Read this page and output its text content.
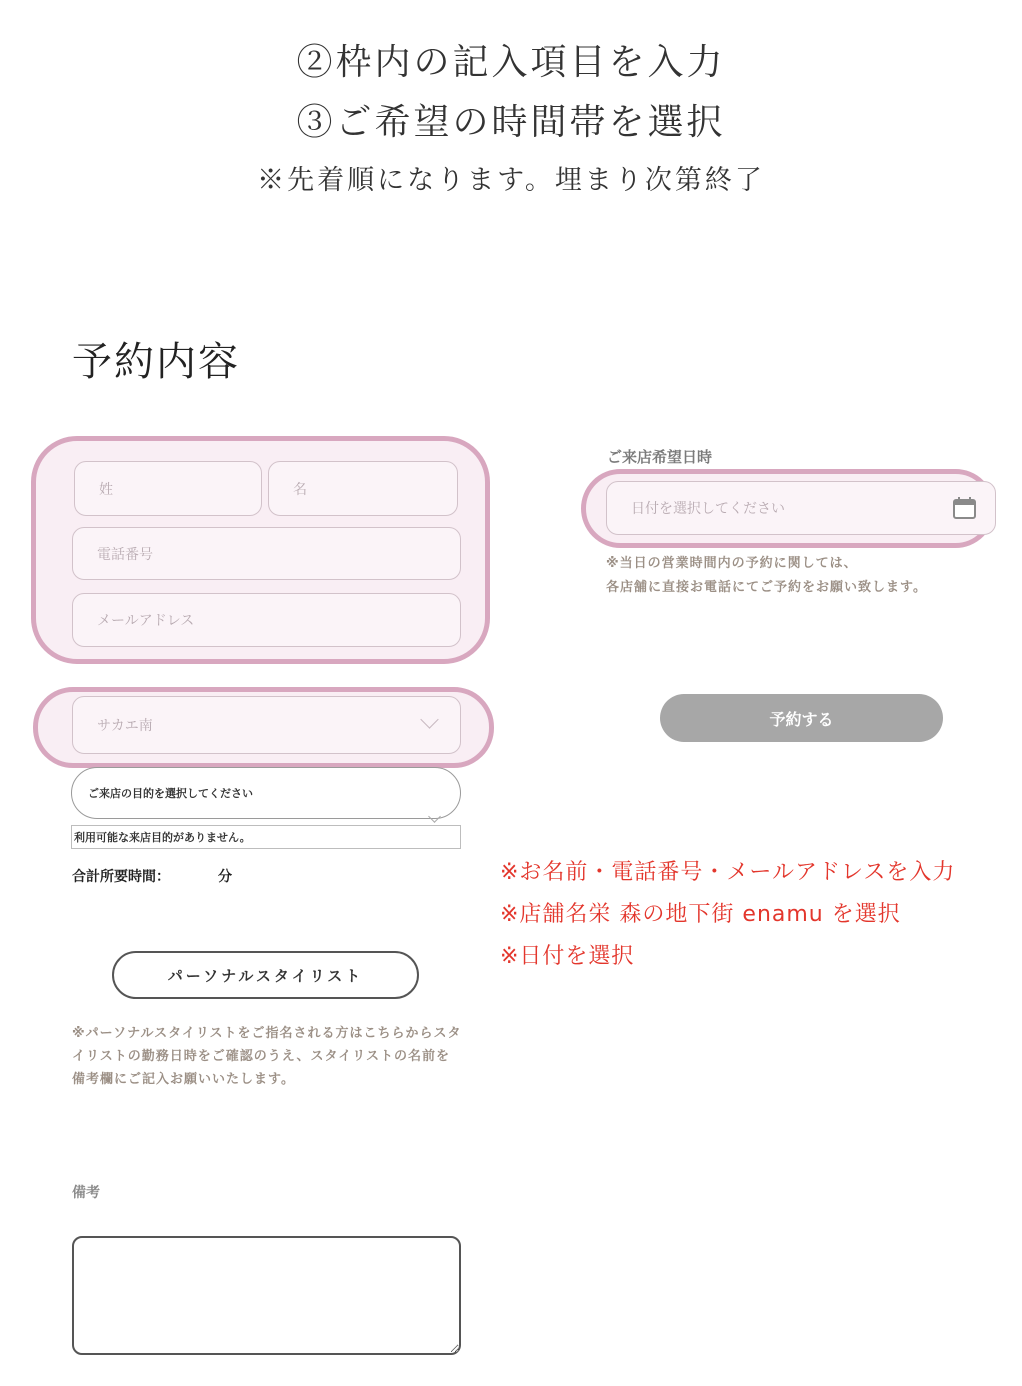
②枠内の記入項目を入力
③ご希望の時間帯を選択
※先着順になります。埋まり次第終了
予約内容
姓	名
電話番号
メールアドレス
サカエ南
ご来店希望日時
日付を選択してください
※当日の営業時間内の予約に関しては、
各店舗に直接お電話にてご予約をお願い致します。
予約する
ご来店の目的を選択してください
利用可能な来店目的がありません。
合計所要時間：	分
パーソナルスタイリスト
※パーソナルスタイリストをご指名される方はこちらからスタイリストの勤務日時をご確認のうえ、スタイリストの名前を備考欄にご記入お願いいたします。
備考
※お名前・電話番号・メールアドレスを入力
※店舗名栄 森の地下街 enamu を選択
※日付を選択
